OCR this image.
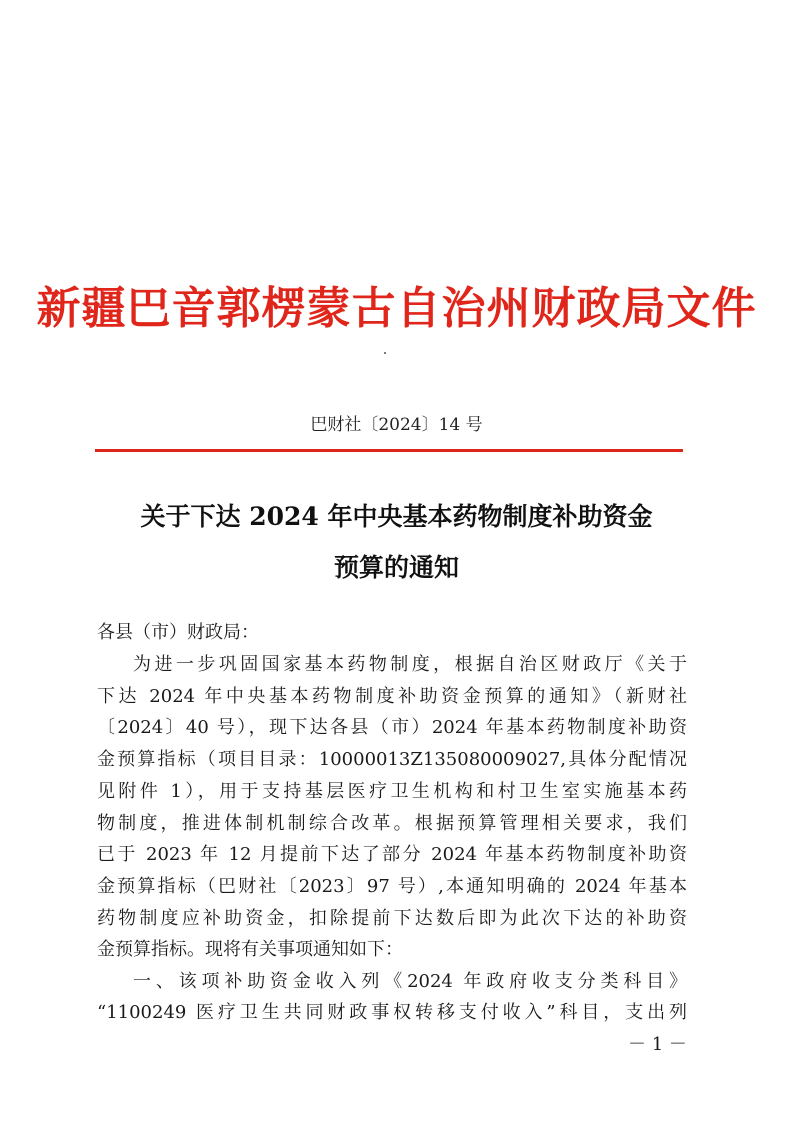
新疆巴音郭楞蒙古自治州财政局文件
巴财社〔2024〕14 号
关于下达 2024 年中央基本药物制度补助资金
预算的通知
各县（市）财政局：
为进一步巩固国家基本药物制度，根据自治区财政厅《关于
下达 2024 年中央基本药物制度补助资金预算的通知》（新财社
〔2024〕40 号），现下达各县（市）2024 年基本药物制度补助资
金预算指标（项目目录：10000013Z135080009027,具体分配情况
见附件 1），用于支持基层医疗卫生机构和村卫生室实施基本药
物制度，推进体制机制综合改革。根据预算管理相关要求，我们
已于 2023 年 12 月提前下达了部分 2024 年基本药物制度补助资
金预算指标（巴财社〔2023〕97 号）,本通知明确的 2024 年基本
药物制度应补助资金，扣除提前下达数后即为此次下达的补助资
金预算指标。现将有关事项通知如下：
一、该项补助资金收入列《2024 年政府收支分类科目》
“1100249 医疗卫生共同财政事权转移支付收入”科目，支出列
－ 1 －
